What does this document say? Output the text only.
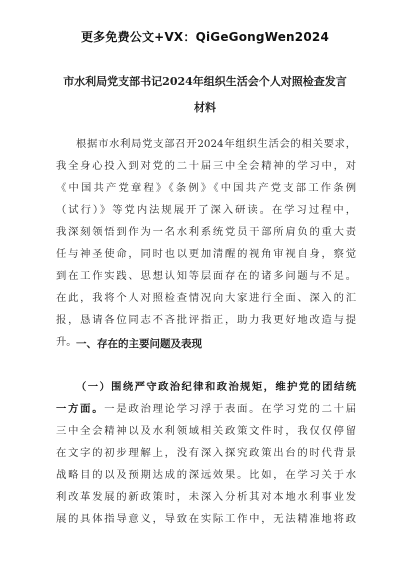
更多免费公文+VX：QiGeGongWen2024
市水利局党支部书记2024年组织生活会个人对照检查发言
材料
根据市水利局党支部召开2024年组织生活会的相关要求，
我全身心投入到对党的二十届三中全会精神的学习中，对
《中国共产党章程》《条例》《中国共产党支部工作条例
（试行）》等党内法规展开了深入研读。在学习过程中，
我深刻领悟到作为一名水利系统党员干部所肩负的重大责
任与神圣使命，同时也以更加清醒的视角审视自身，察觉
到在工作实践、思想认知等层面存在的诸多问题与不足。
在此，我将个人对照检查情况向大家进行全面、深入的汇
报，恳请各位同志不吝批评指正，助力我更好地改造与提
升。 一、存在的主要问题及表现
（一）围绕严守政治纪律和政治规矩，维护党的团结统
一方面。一是政治理论学习浮于表面。在学习党的二十届
三中全会精神以及水利领域相关政策文件时，我仅仅停留
在文字的初步理解上，没有深入探究政策出台的时代背景
战略目的以及预期达成的深远效果。比如，在学习关于水
利改革发展的新政策时，未深入分析其对本地水利事业发
展的具体指导意义，导致在实际工作中，无法精准地将政
